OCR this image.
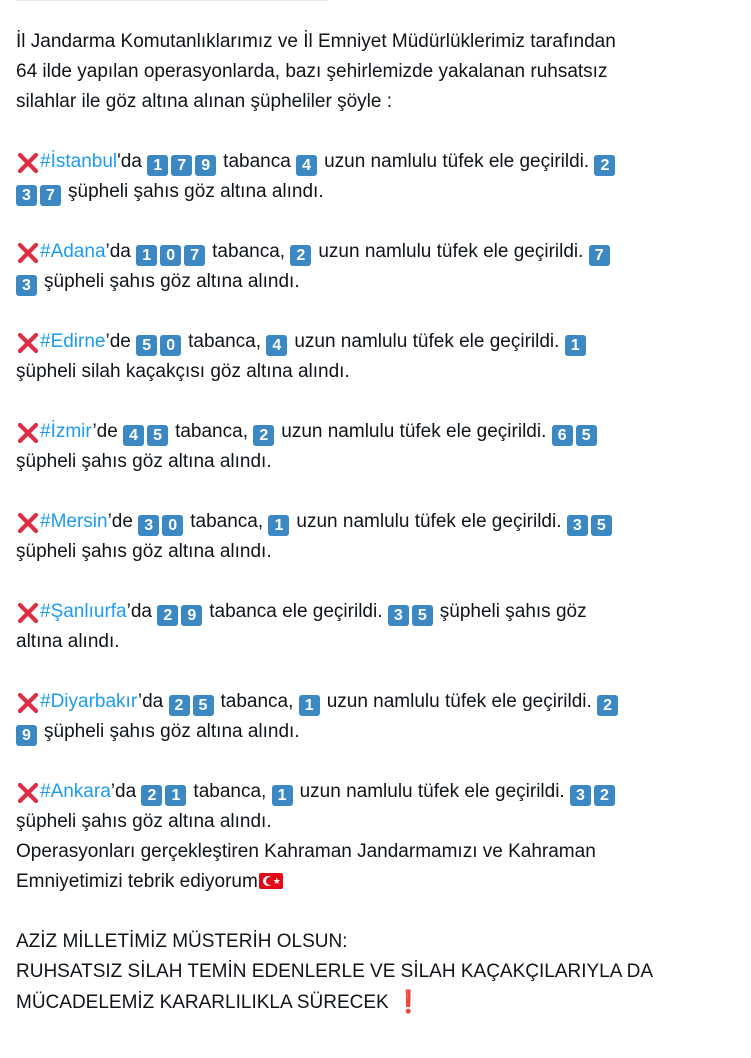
İl Jandarma Komutanlıklarımız ve İl Emniyet Müdürlüklerimiz tarafından
64 ilde yapılan operasyonlarda, bazı şehirlemizde yakalanan ruhsatsız
silahlar ile göz altına alınan şüpheliler şöyle :
#İstanbul'da 1 7 9 tabanca 4 uzun namlulu tüfek ele geçirildi. 2
3 7 şüpheli şahıs göz altına alındı.
#Adana’da 1 0 7 tabanca, 2 uzun namlulu tüfek ele geçirildi. 7
3 şüpheli şahıs göz altına alındı.
#Edirne’de 5 0 tabanca, 4 uzun namlulu tüfek ele geçirildi. 1
şüpheli silah kaçakçısı göz altına alındı.
#İzmir’de 4 5 tabanca, 2 uzun namlulu tüfek ele geçirildi. 6 5
şüpheli şahıs göz altına alındı.
#Mersin’de 3 0 tabanca, 1 uzun namlulu tüfek ele geçirildi. 3 5
şüpheli şahıs göz altına alındı.
#Şanlıurfa’da 2 9 tabanca ele geçirildi. 3 5 şüpheli şahıs göz
altına alındı.
#Diyarbakır’da 2 5 tabanca, 1 uzun namlulu tüfek ele geçirildi. 2
9 şüpheli şahıs göz altına alındı.
#Ankara’da 2 1 tabanca, 1 uzun namlulu tüfek ele geçirildi. 3 2
şüpheli şahıs göz altına alındı.
Operasyonları gerçekleştiren Kahraman Jandarmamızı ve Kahraman
Emniyetimizi tebrik ediyorum ★
AZİZ MİLLETİMİZ MÜSTERİH OLSUN:
RUHSATSIZ SİLAH TEMİN EDENLERLE VE SİLAH KAÇAKÇILARIYLA DA
MÜCADELEMİZ KARARLILIKLA SÜRECEK ❗
